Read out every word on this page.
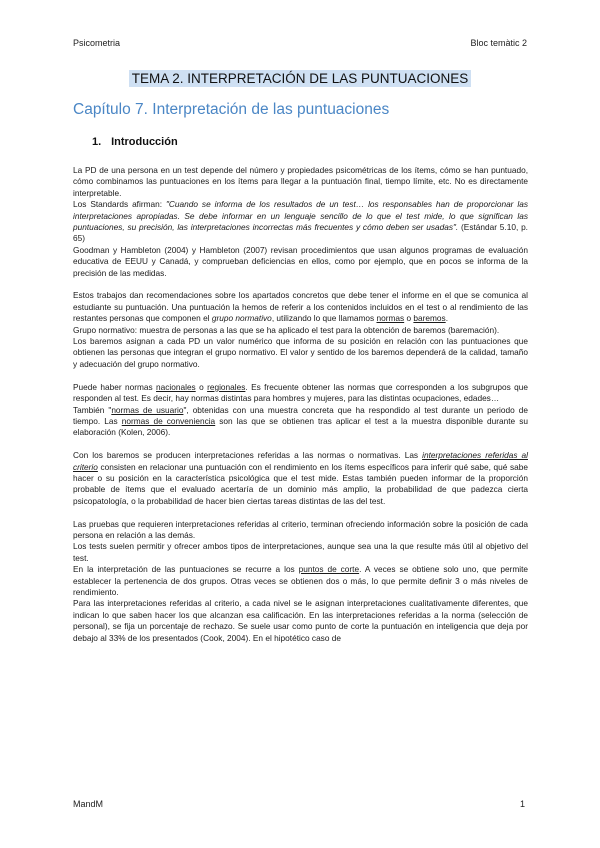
Psicometria	Bloc temàtic 2
TEMA 2. INTERPRETACIÓN DE LAS PUNTUACIONES
Capítulo 7. Interpretación de las puntuaciones
1. Introducción

La PD de una persona en un test depende del número y propiedades psicométricas de los ítems, cómo se han puntuado, cómo combinamos las puntuaciones en los ítems para llegar a la puntuación final, tiempo límite, etc. No es directamente interpretable.

Los Standards afirman: "Cuando se informa de los resultados de un test… los responsables han de proporcionar las interpretaciones apropiadas. Se debe informar en un lenguaje sencillo de lo que el test mide, lo que significan las puntuaciones, su precisión, las interpretaciones incorrectas más frecuentes y cómo deben ser usadas". (Estándar 5.10, p. 65)

Goodman y Hambleton (2004) y Hambleton (2007) revisan procedimientos que usan algunos programas de evaluación educativa de EEUU y Canadá, y comprueban deficiencias en ellos, como por ejemplo, que en pocos se informa de la precisión de las medidas.

Estos trabajos dan recomendaciones sobre los apartados concretos que debe tener el informe en el que se comunica al estudiante su puntuación. Una puntuación la hemos de referir a los contenidos incluidos en el test o al rendimiento de las restantes personas que componen el grupo normativo, utilizando lo que llamamos normas o baremos.

Grupo normativo: muestra de personas a las que se ha aplicado el test para la obtención de baremos (baremación).

Los baremos asignan a cada PD un valor numérico que informa de su posición en relación con las puntuaciones que obtienen las personas que integran el grupo normativo. El valor y sentido de los baremos dependerá de la calidad, tamaño y adecuación del grupo normativo.

Puede haber normas nacionales o regionales. Es frecuente obtener las normas que corresponden a los subgrupos que responden al test. Es decir, hay normas distintas para hombres y mujeres, para las distintas ocupaciones, edades…

También "normas de usuario", obtenidas con una muestra concreta que ha respondido al test durante un periodo de tiempo. Las normas de conveniencia son las que se obtienen tras aplicar el test a la muestra disponible durante su elaboración (Kolen, 2006).

Con los baremos se producen interpretaciones referidas a las normas o normativas. Las interpretaciones referidas al criterio consisten en relacionar una puntuación con el rendimiento en los ítems específicos para inferir qué sabe, qué sabe hacer o su posición en la característica psicológica que el test mide. Estas también pueden informar de la proporción probable de ítems que el evaluado acertaría de un dominio más amplio, la probabilidad de que padezca cierta psicopatología, o la probabilidad de hacer bien ciertas tareas distintas de las del test.

Las pruebas que requieren interpretaciones referidas al criterio, terminan ofreciendo información sobre la posición de cada persona en relación a las demás.

Los tests suelen permitir y ofrecer ambos tipos de interpretaciones, aunque sea una la que resulte más útil al objetivo del test.

En la interpretación de las puntuaciones se recurre a los puntos de corte. A veces se obtiene solo uno, que permite establecer la pertenencia de dos grupos. Otras veces se obtienen dos o más, lo que permite definir 3 o más niveles de rendimiento.

Para las interpretaciones referidas al criterio, a cada nivel se le asignan interpretaciones cualitativamente diferentes, que indican lo que saben hacer los que alcanzan esa calificación. En las interpretaciones referidas a la norma (selección de personal), se fija un porcentaje de rechazo. Se suele usar como punto de corte la puntuación en inteligencia que deja por debajo al 33% de los presentados (Cook, 2004). En el hipotético caso de

MandM	1
